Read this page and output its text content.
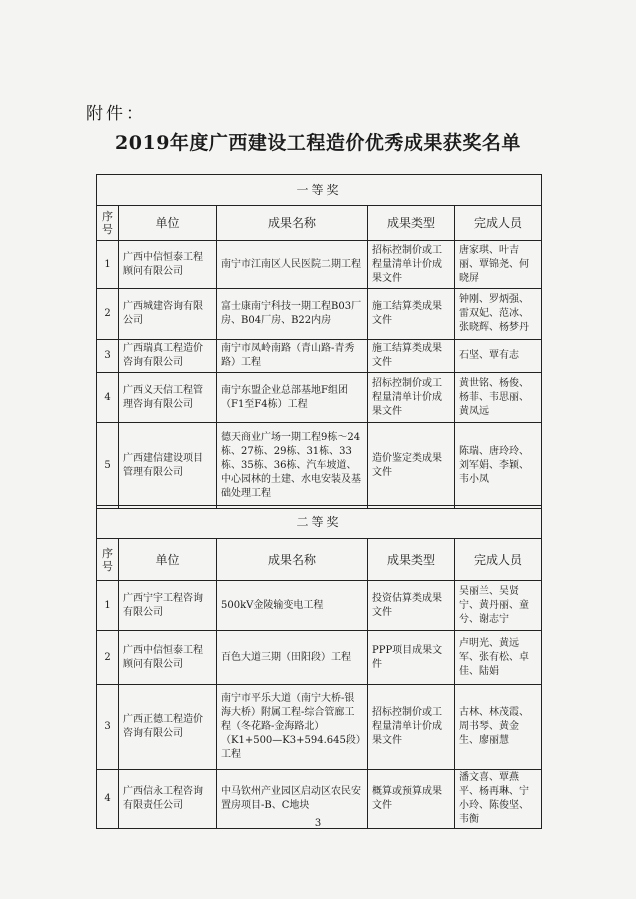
附件：
2019年度广西建设工程造价优秀成果获奖名单
一等奖				
序号	单位	成果名称	成果类型	完成人员
1	广西中信恒泰工程顾问有限公司	南宁市江南区人民医院二期工程	招标控制价或工程量清单计价成果文件	唐家琪、叶吉丽、覃锦尧、何晓屏
2	广西城建咨询有限公司	富士康南宁科技一期工程B03厂房、B04厂房、B22内房	施工结算类成果文件	钟刚、罗炳强、雷双妃、范冰、张晓辉、杨梦丹
3	广西瑞真工程造价咨询有限公司	南宁市凤岭南路（青山路-青秀路）工程	施工结算类成果文件	石坚、覃有志
4	广西义天信工程管理咨询有限公司	南宁东盟企业总部基地F组团（F1至F4栋）工程	招标控制价或工程量清单计价成果文件	黄世铭、杨俊、杨菲、韦思丽、黄凤远
5	广西建信建设项目管理有限公司	德天商业广场一期工程9栋～24栋、27栋、29栋、31栋、33栋、35栋、36栋、汽车坡道、中心园林的土建、水电安装及基础处理工程	造价鉴定类成果文件	陈瑞、唐玲玲、刘军娟、李颖、韦小凤
二等奖				
序号	单位	成果名称	成果类型	完成人员
1	广西宁宇工程咨询有限公司	500kV金陵输变电工程	投资估算类成果文件	吴丽兰、吴贤宁、黄丹丽、童兮、谢志宁
2	广西中信恒泰工程顾问有限公司	百色大道三期（田阳段）工程	PPP项目成果文件	卢明光、黄远军、张有松、卓佳、陆娟
3	广西正德工程造价咨询有限公司	南宁市平乐大道（南宁大桥-银海大桥）附属工程-综合管廊工程（冬花路-金海路北）（K1+500—K3+594.645段）工程	招标控制价或工程量清单计价成果文件	古林、林茂霞、周书琴、黄金生、廖丽慧
4	广西信永工程咨询有限责任公司	中马钦州产业园区启动区农民安置房项目-B、C地块	概算或预算成果文件	潘文喜、覃燕平、杨再琳、宁小玲、陈俊坚、韦衡
3
